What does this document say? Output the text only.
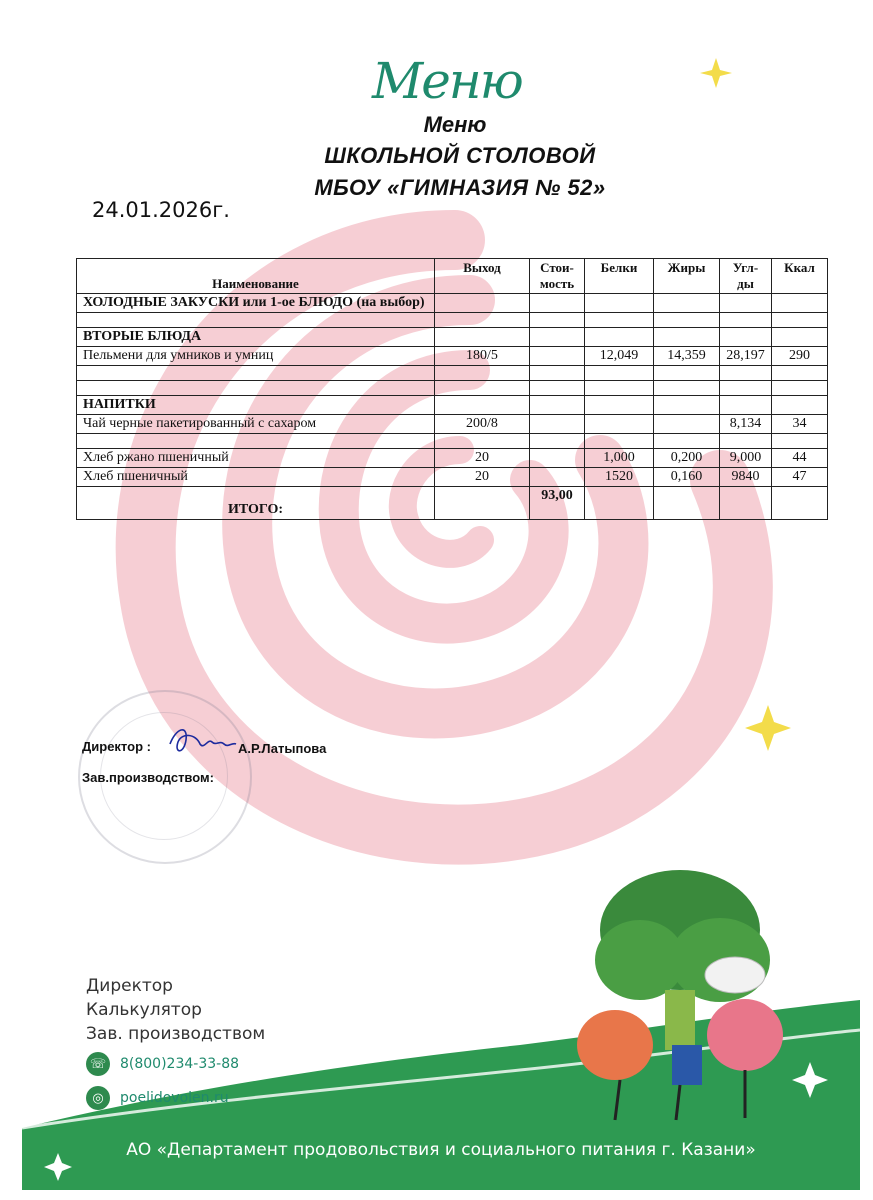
Меню
Меню
ШКОЛЬНОЙ СТОЛОВОЙ
МБОУ «ГИМНАЗИЯ № 52»
24.01.2026г.
Наименование	Выход	Стои-мость	Белки	Жиры	Угл-ды	Ккал
ХОЛОДНЫЕ ЗАКУСКИ или 1-ое БЛЮДО (на выбор)						

ВТОРЫЕ БЛЮДА						
Пельмени для умников и умниц	180/5		12,049	14,359	28,197	290

НАПИТКИ						
Чай черные пакетированный с сахаром	200/8				8,134	34

Хлеб ржано пшеничный	20		1,000	0,200	9,000	44
Хлеб пшеничный	20		1520	0,160	9840	47
ИТОГО:		93,00				
Директор :	А.Р.Латыпова
Зав.производством:
Директор
Калькулятор
Зав. производством
☏ 8(800)234-33-88
◎	poelidovolen.ru
АО «Департамент продовольствия и социального питания г. Казани»
